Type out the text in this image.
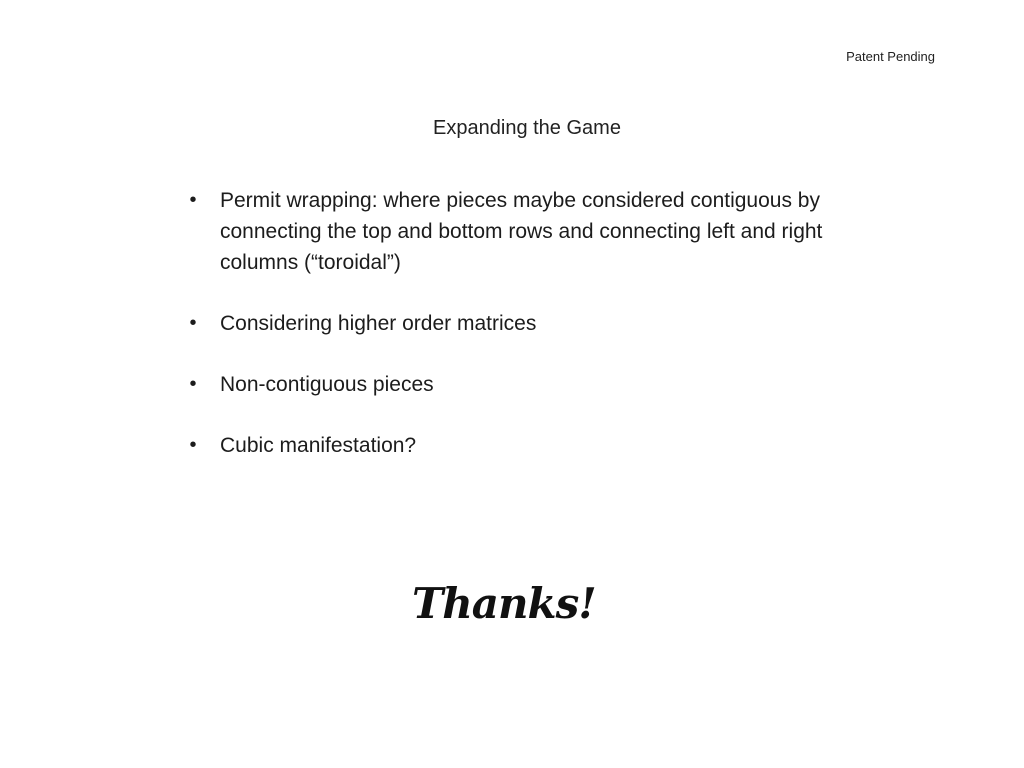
Patent Pending
Expanding the Game
• Permit wrapping: where pieces maybe considered contiguous by connecting the top and bottom rows and connecting left and right columns (“toroidal”)
• Considering higher order matrices
• Non-contiguous pieces
• Cubic manifestation?
Thanks!
